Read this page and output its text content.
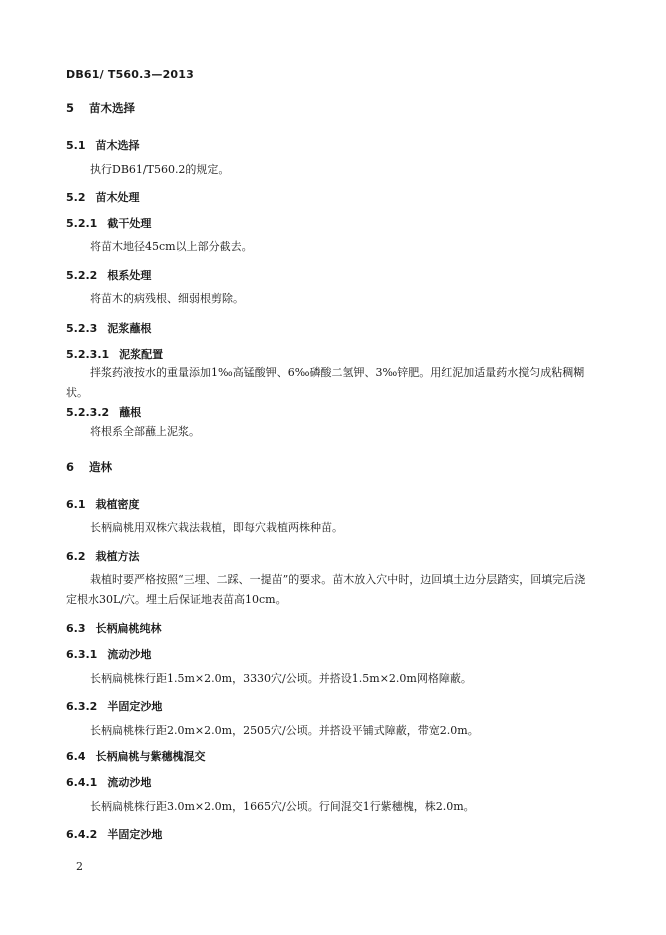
DB61/ T560.3—2013
5 苗木选择
5.1 苗木选择
执行DB61/T560.2的规定。
5.2 苗木处理
5.2.1 截干处理
将苗木地径45cm以上部分截去。
5.2.2 根系处理
将苗木的病残根、细弱根剪除。
5.2.3 泥浆蘸根
5.2.3.1 泥浆配置
拌浆药液按水的重量添加1‰高锰酸钾、6‰磷酸二氢钾、3‰锌肥。用红泥加适量药水搅匀成粘稠糊状。
5.2.3.2 蘸根
将根系全部蘸上泥浆。
6 造林
6.1 栽植密度
长柄扁桃用双株穴栽法栽植，即每穴栽植两株种苗。
6.2 栽植方法
栽植时要严格按照“三埋、二踩、一提苗”的要求。苗木放入穴中时，边回填土边分层踏实，回填完后浇定根水30L/穴。埋土后保证地表苗高10cm。
6.3 长柄扁桃纯林
6.3.1 流动沙地
长柄扁桃株行距1.5m×2.0m，3330穴/公顷。并搭设1.5m×2.0m网格障蔽。
6.3.2 半固定沙地
长柄扁桃株行距2.0m×2.0m，2505穴/公顷。并搭设平铺式障蔽，带宽2.0m。
6.4 长柄扁桃与紫穗槐混交
6.4.1 流动沙地
长柄扁桃株行距3.0m×2.0m，1665穴/公顷。行间混交1行紫穗槐，株2.0m。
6.4.2 半固定沙地
2
